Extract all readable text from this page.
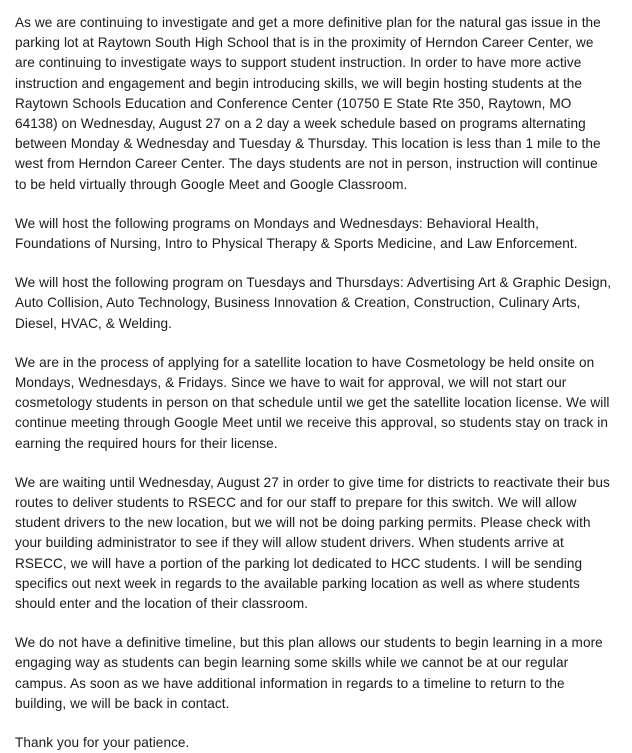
As we are continuing to investigate and get a more definitive plan for the natural gas issue in the parking lot at Raytown South High School that is in the proximity of Herndon Career Center, we are continuing to investigate ways to support student instruction. In order to have more active instruction and engagement and begin introducing skills, we will begin hosting students at the Raytown Schools Education and Conference Center (10750 E State Rte 350, Raytown, MO 64138) on Wednesday, August 27 on a 2 day a week schedule based on programs alternating between Monday & Wednesday and Tuesday & Thursday. This location is less than 1 mile to the west from Herndon Career Center. The days students are not in person, instruction will continue to be held virtually through Google Meet and Google Classroom.

We will host the following programs on Mondays and Wednesdays: Behavioral Health, Foundations of Nursing, Intro to Physical Therapy & Sports Medicine, and Law Enforcement.

We will host the following program on Tuesdays and Thursdays: Advertising Art & Graphic Design, Auto Collision, Auto Technology, Business Innovation & Creation, Construction, Culinary Arts, Diesel, HVAC, & Welding.

We are in the process of applying for a satellite location to have Cosmetology be held onsite on Mondays, Wednesdays, & Fridays. Since we have to wait for approval, we will not start our cosmetology students in person on that schedule until we get the satellite location license. We will continue meeting through Google Meet until we receive this approval, so students stay on track in earning the required hours for their license.

We are waiting until Wednesday, August 27 in order to give time for districts to reactivate their bus routes to deliver students to RSECC and for our staff to prepare for this switch. We will allow student drivers to the new location, but we will not be doing parking permits. Please check with your building administrator to see if they will allow student drivers. When students arrive at RSECC, we will have a portion of the parking lot dedicated to HCC students. I will be sending specifics out next week in regards to the available parking location as well as where students should enter and the location of their classroom.

We do not have a definitive timeline, but this plan allows our students to begin learning in a more engaging way as students can begin learning some skills while we cannot be at our regular campus. As soon as we have additional information in regards to a timeline to return to the building, we will be back in contact.

Thank you for your patience.
